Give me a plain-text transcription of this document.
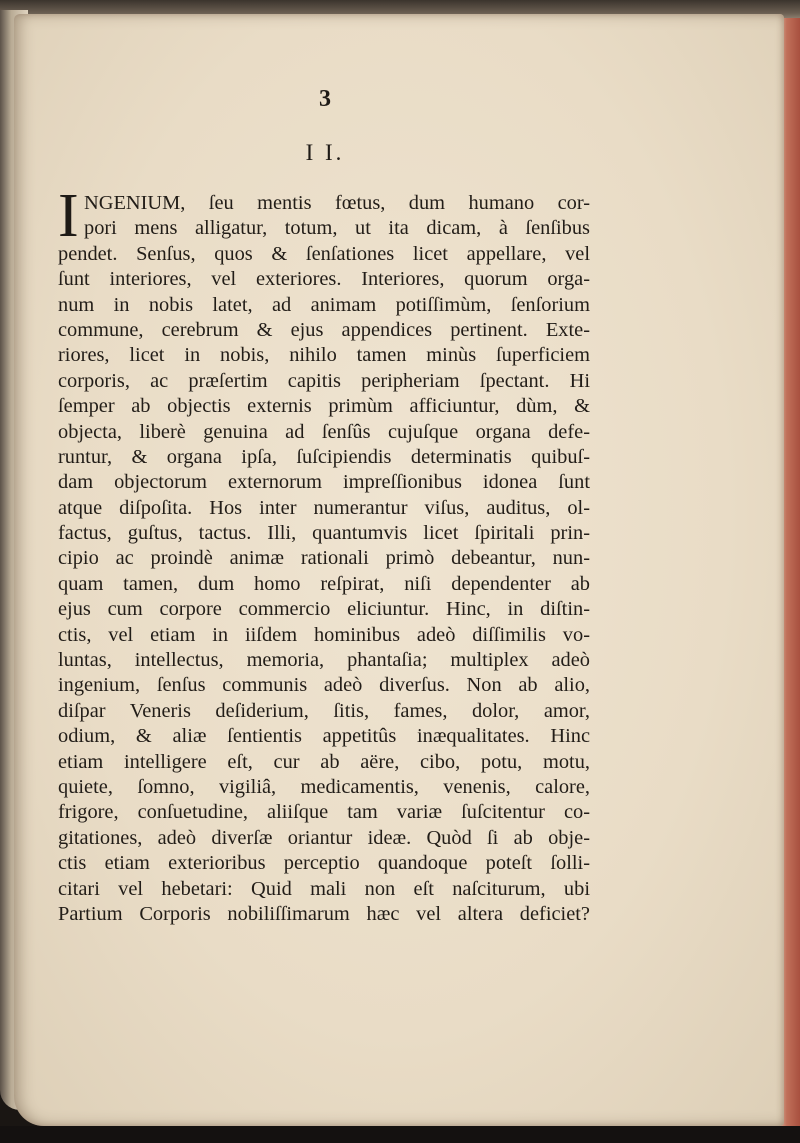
3
I I.
I NGENIUM, ſeu mentis fœtus, dum humano cor-
pori mens alligatur, totum, ut ita dicam, à ſenſibus
pendet. Senſus, quos & ſenſationes licet appellare, vel
ſunt interiores, vel exteriores. Interiores, quorum orga-
num in nobis latet, ad animam potiſſimùm, ſenſorium
commune, cerebrum & ejus appendices pertinent. Exte-
riores, licet in nobis, nihilo tamen minùs ſuperficiem
corporis, ac præſertim capitis peripheriam ſpectant. Hi
ſemper ab objectis externis primùm afficiuntur, dùm, &
objecta, liberè genuina ad ſenſûs cujuſque organa defe-
runtur, & organa ipſa, ſuſcipiendis determinatis quibuſ-
dam objectorum externorum impreſſionibus idonea ſunt
atque diſpoſita. Hos inter numerantur viſus, auditus, ol-
factus, guſtus, tactus. Illi, quantumvis licet ſpiritali prin-
cipio ac proindè animæ rationali primò debeantur, nun-
quam tamen, dum homo reſpirat, niſi dependenter ab
ejus cum corpore commercio eliciuntur. Hinc, in diſtin-
ctis, vel etiam in iiſdem hominibus adeò diſſimilis vo-
luntas, intellectus, memoria, phantaſia; multiplex adeò
ingenium, ſenſus communis adeò diverſus. Non ab alio,
diſpar Veneris deſiderium, ſitis, fames, dolor, amor,
odium, & aliæ ſentientis appetitûs inæqualitates. Hinc
etiam intelligere eſt, cur ab aëre, cibo, potu, motu,
quiete, ſomno, vigiliâ, medicamentis, venenis, calore,
frigore, conſuetudine, aliiſque tam variæ ſuſcitentur co-
gitationes, adeò diverſæ oriantur ideæ. Quòd ſi ab obje-
ctis etiam exterioribus perceptio quandoque poteſt ſolli-
citari vel hebetari: Quid mali non eſt naſciturum, ubi
Partium Corporis nobiliſſimarum hæc vel altera deficiet?
